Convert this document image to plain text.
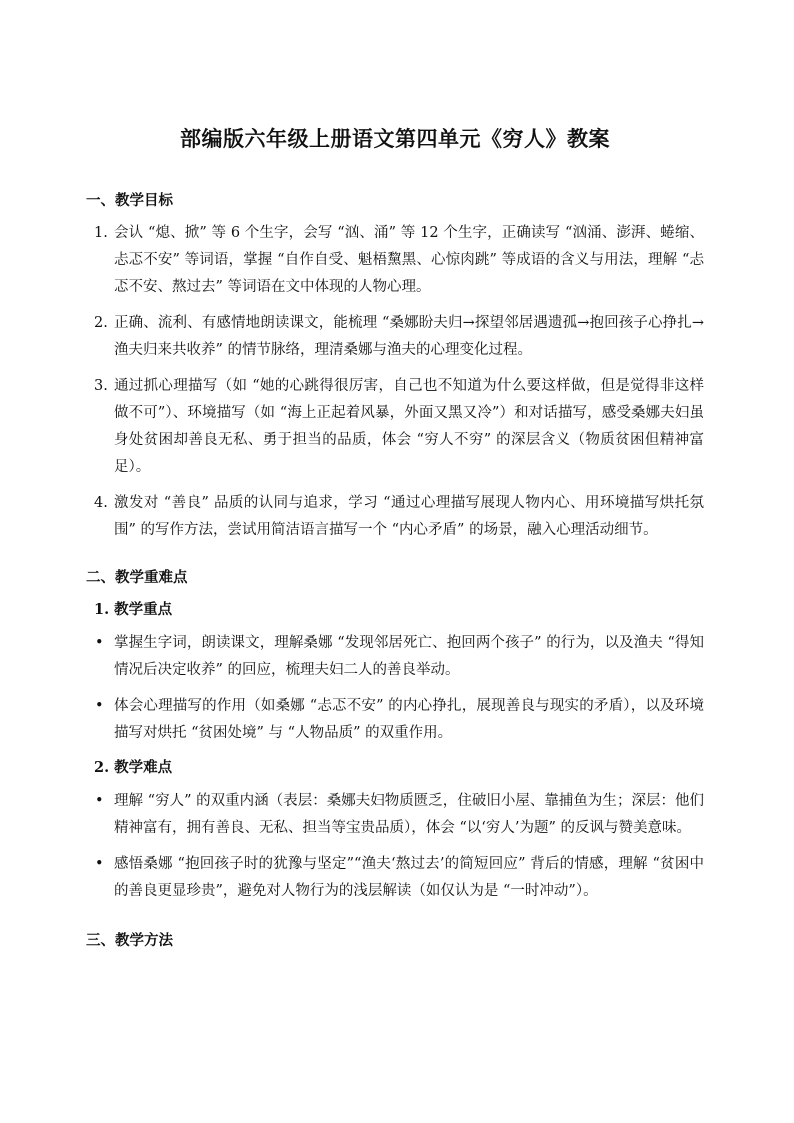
部编版六年级上册语文第四单元《穷人》教案
一、教学目标

1. 会认 “熄、掀” 等 6 个生字，会写 “汹、涌” 等 12 个生字，正确读写 “汹涌、澎湃、蜷缩、忐忑不安” 等词语，掌握 “自作自受、魁梧黧黑、心惊肉跳” 等成语的含义与用法，理解 “忐忑不安、熬过去” 等词语在文中体现的人物心理。

2. 正确、流利、有感情地朗读课文，能梳理 “桑娜盼夫归→探望邻居遇遗孤→抱回孩子心挣扎→渔夫归来共收养” 的情节脉络，理清桑娜与渔夫的心理变化过程。

3. 通过抓心理描写（如 “她的心跳得很厉害，自己也不知道为什么要这样做，但是觉得非这样做不可”）、环境描写（如 “海上正起着风暴，外面又黑又冷”）和对话描写，感受桑娜夫妇虽身处贫困却善良无私、勇于担当的品质，体会 “穷人不穷” 的深层含义（物质贫困但精神富足）。

4. 激发对 “善良” 品质的认同与追求，学习 “通过心理描写展现人物内心、用环境描写烘托氛围” 的写作方法，尝试用简洁语言描写一个 “内心矛盾” 的场景，融入心理活动细节。

二、教学重难点
1. 教学重点

• 掌握生字词，朗读课文，理解桑娜 “发现邻居死亡、抱回两个孩子” 的行为，以及渔夫 “得知情况后决定收养” 的回应，梳理夫妇二人的善良举动。

• 体会心理描写的作用（如桑娜 “忐忑不安” 的内心挣扎，展现善良与现实的矛盾），以及环境描写对烘托 “贫困处境” 与 “人物品质” 的双重作用。

2. 教学难点

• 理解 “穷人” 的双重内涵（表层：桑娜夫妇物质匮乏，住破旧小屋、靠捕鱼为生；深层：他们精神富有，拥有善良、无私、担当等宝贵品质），体会 “以‘穷人’为题” 的反讽与赞美意味。

• 感悟桑娜 “抱回孩子时的犹豫与坚定”“渔夫‘熬过去’的简短回应” 背后的情感，理解 “贫困中的善良更显珍贵”，避免对人物行为的浅层解读（如仅认为是 “一时冲动”）。

三、教学方法
